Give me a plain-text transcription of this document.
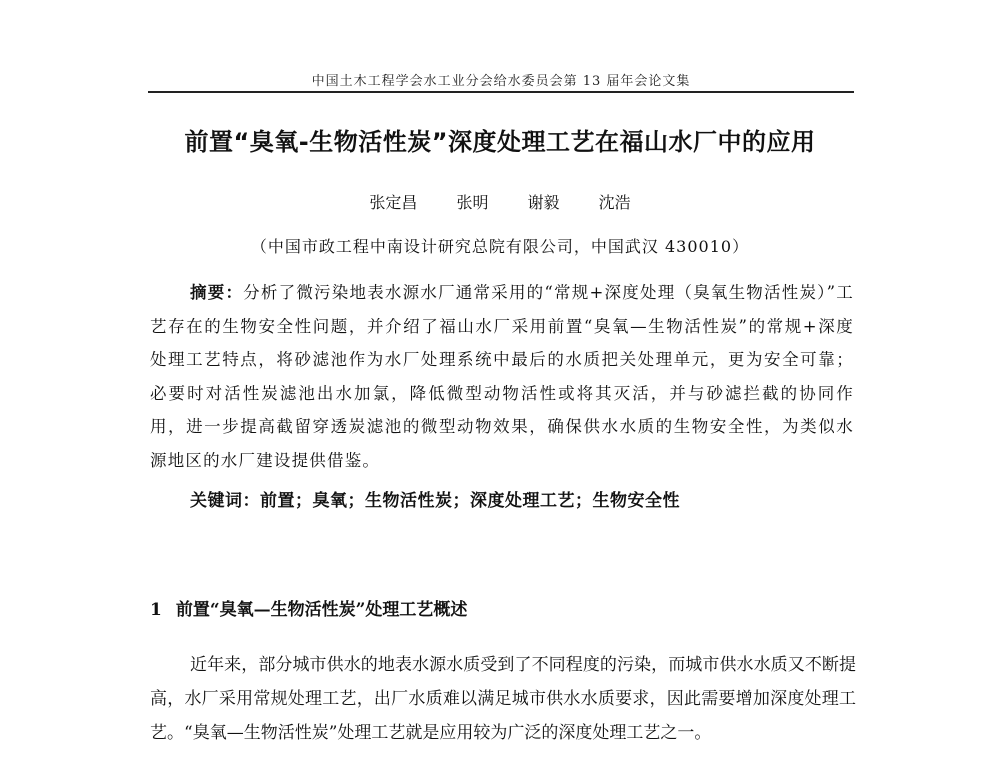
中国土木工程学会水工业分会给水委员会第 13 届年会论文集
前置“臭氧-生物活性炭”深度处理工艺在福山水厂中的应用
张定昌 张明 谢毅 沈浩
（中国市政工程中南设计研究总院有限公司，中国武汉 430010）

摘要：分析了微污染地表水源水厂通常采用的“常规+深度处理（臭氧生物活性炭）”工艺存在的生物安全性问题，并介绍了福山水厂采用前置“臭氧—生物活性炭”的常规+深度处理工艺特点，将砂滤池作为水厂处理系统中最后的水质把关处理单元，更为安全可靠；必要时对活性炭滤池出水加氯，降低微型动物活性或将其灭活，并与砂滤拦截的协同作用，进一步提高截留穿透炭滤池的微型动物效果，确保供水水质的生物安全性，为类似水源地区的水厂建设提供借鉴。

关键词：前置；臭氧；生物活性炭；深度处理工艺；生物安全性
1 前置“臭氧—生物活性炭”处理工艺概述

近年来，部分城市供水的地表水源水质受到了不同程度的污染，而城市供水水质又不断提高，水厂采用常规处理工艺，出厂水质难以满足城市供水水质要求，因此需要增加深度处理工艺。“臭氧—生物活性炭”处理工艺就是应用较为广泛的深度处理工艺之一。
